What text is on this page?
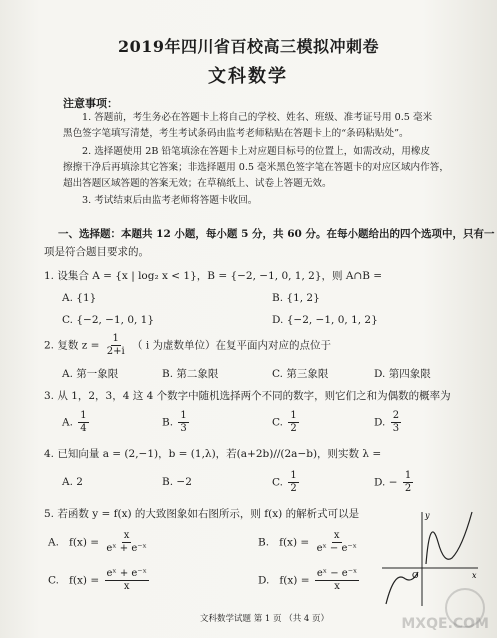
2019年四川省百校高三模拟冲刺卷
文科数学
注意事项：
1. 答题前，考生务必在答题卡上将自己的学校、姓名、班级、准考证号用 0.5 毫米
黑色签字笔填写清楚，考生考试条码由监考老师粘贴在答题卡上的“条码粘贴处”。
2. 选择题使用 2B 铅笔填涂在答题卡上对应题目标号的位置上，如需改动，用橡皮
擦擦干净后再填涂其它答案；非选择题用 0.5 毫米黑色签字笔在答题卡的对应区域内作答，
超出答题区域答题的答案无效；在草稿纸上、试卷上答题无效。
3. 考试结束后由监考老师将答题卡收回。
一、选择题：本题共 12 小题，每小题 5 分，共 60 分。在每小题给出的四个选项中，只有一
项是符合题目要求的。
1. 设集合 A = {x | log₂ x < 1}，B = {−2, −1, 0, 1, 2}，则 A∩B =
A. {1}	B. {1, 2}
C. {−2, −1, 0, 1}	D. {−2, −1, 0, 1, 2}
2. 复数 $z = \frac{1}{2+i}$ （ i 为虚数单位）在复平面内对应的点位于
A. 第一象限	B. 第二象限	C. 第三象限	D. 第四象限
3. 从 1，2，3，4 这 4 个数字中随机选择两个不同的数字，则它们之和为偶数的概率为
A. $\frac{1}{4}$	B. $\frac{1}{3}$	C. $\frac{1}{2}$	D. $\frac{2}{3}$
4. 已知向量 a = (2,−1)，b = (1,λ)，若(a+2b)//(2a−b)，则实数 λ =
A. 2	B. −2	C. $\frac{1}{2}$	D. − $\frac{1}{2}$
5. 若函数 y = f(x) 的大致图象如右图所示，则 f(x) 的解析式可以是
A. $f(x) = \frac{x}{\text{eˣ + e⁻ˣ}}$	B. $f(x) = \frac{x}{\text{eˣ − e⁻ˣ}}$
C. $f(x) = \frac{\text{eˣ + e⁻ˣ}}{x}$	D. $f(x) = \frac{\text{eˣ − e⁻ˣ}}{x}$	O	x
y
文科数学试题 第 1 页 （共 4 页）	MXQE.COM
